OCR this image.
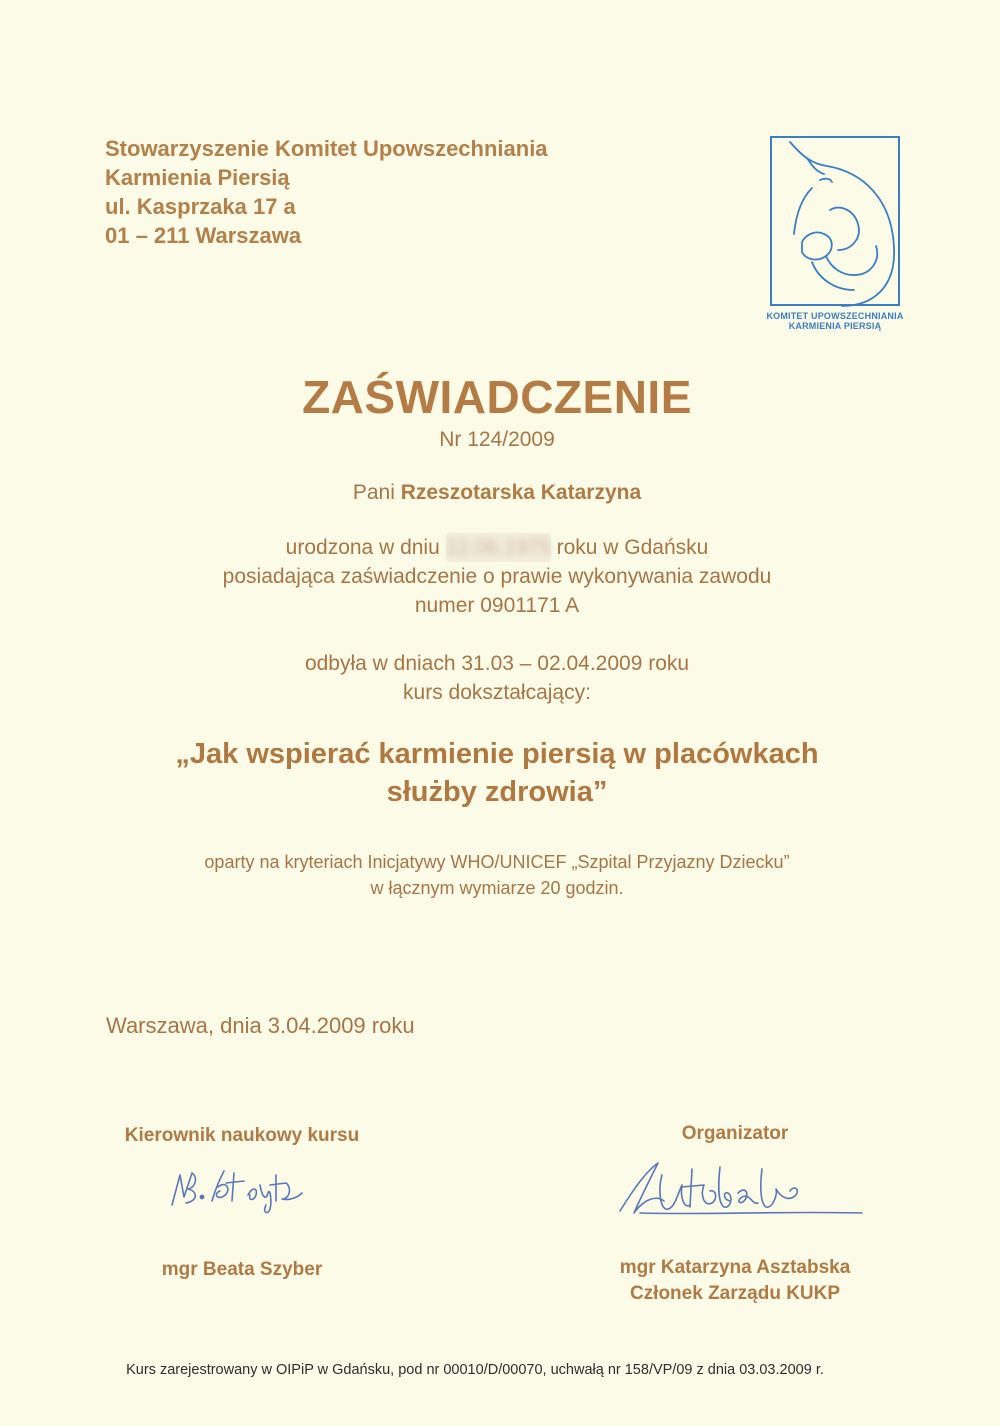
Stowarzyszenie Komitet Upowszechniania
Karmienia Piersią
ul. Kasprzaka 17 a
01 – 211 Warszawa
KOMITET UPOWSZECHNIANIA
KARMIENIA PIERSIĄ
ZAŚWIADCZENIE
Nr 124/2009
Pani Rzeszotarska Katarzyna
urodzona w dniu 12.06.1975 roku w Gdańsku
posiadająca zaświadczenie o prawie wykonywania zawodu
numer 0901171 A
odbyła w dniach 31.03 – 02.04.2009 roku
kurs dokształcający:
„Jak wspierać karmienie piersią w placówkach
służby zdrowia”
oparty na kryteriach Inicjatywy WHO/UNICEF „Szpital Przyjazny Dziecku”
w łącznym wymiarze 20 godzin.
Warszawa, dnia 3.04.2009 roku
Kierownik naukowy kursu
mgr Beata Szyber
Organizator
mgr Katarzyna Asztabska
Członek Zarządu KUKP
Kurs zarejestrowany w OIPiP w Gdańsku, pod nr 00010/D/00070, uchwałą nr 158/VP/09 z dnia 03.03.2009 r.
